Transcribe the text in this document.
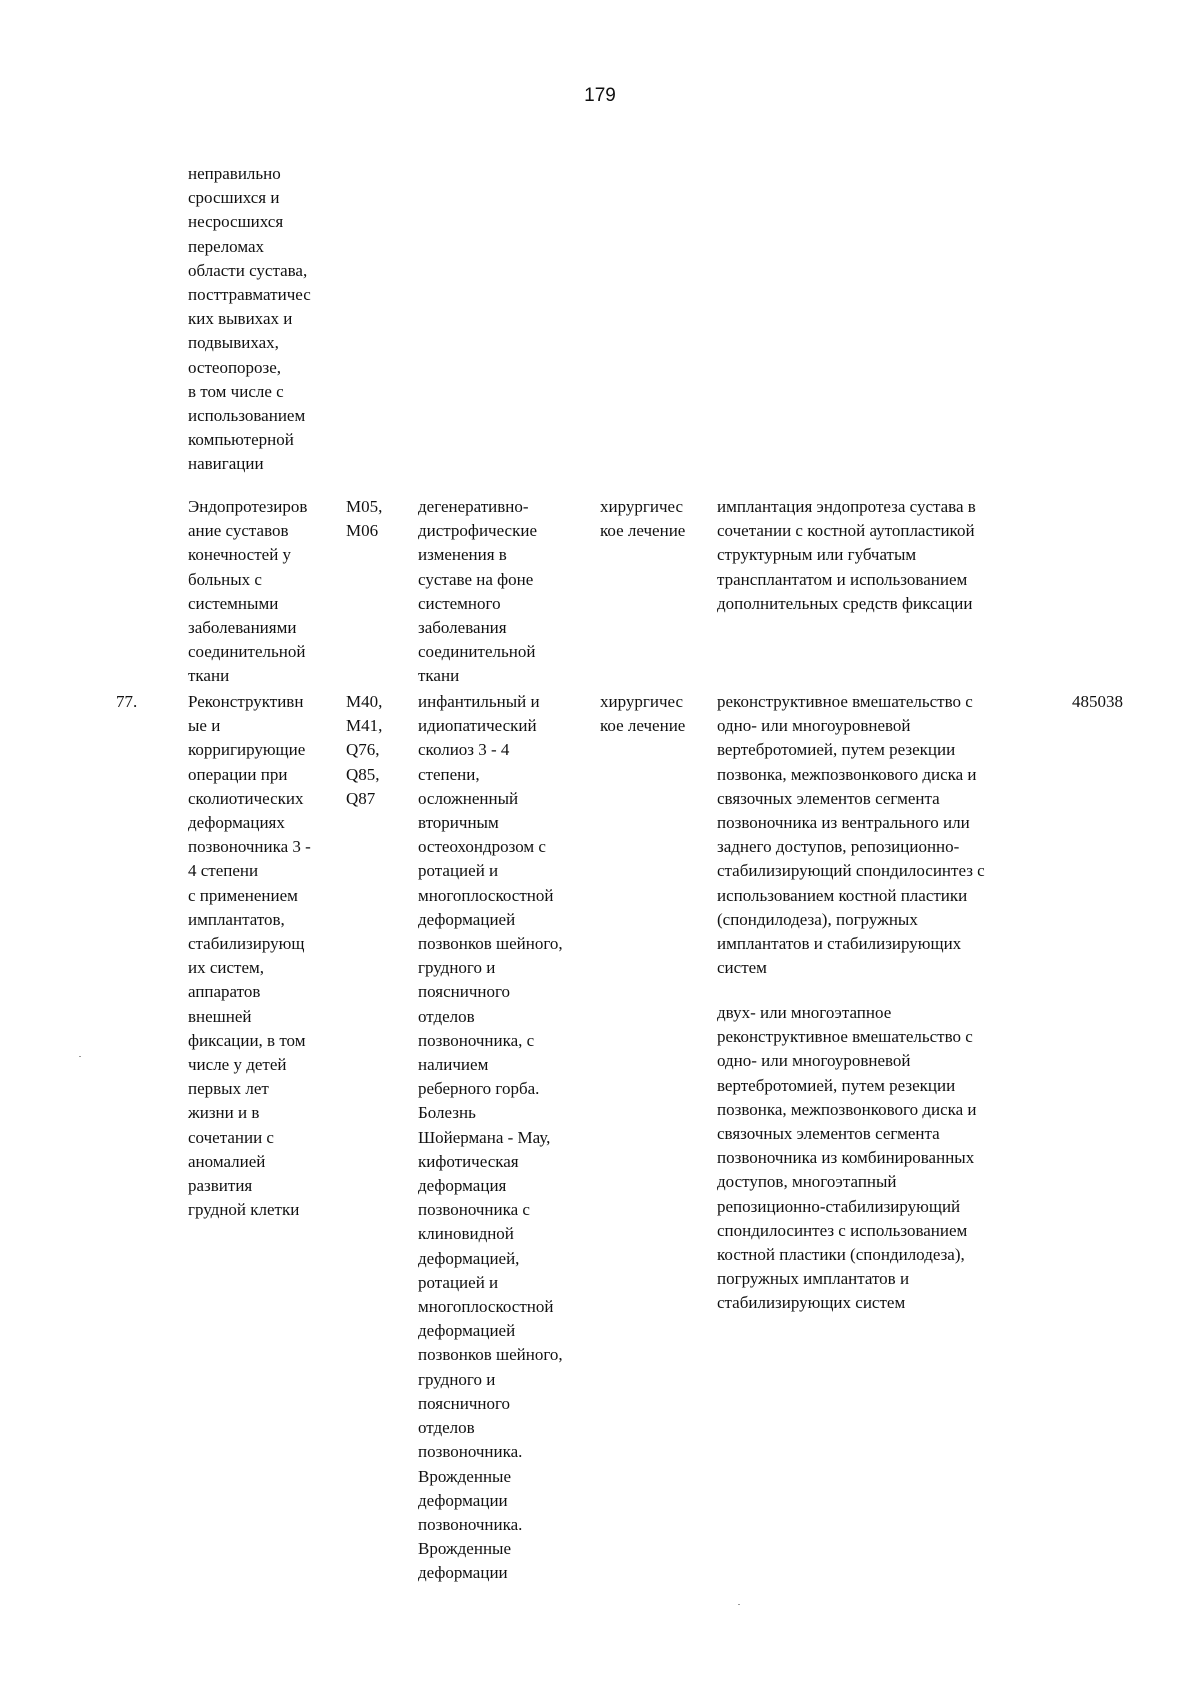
179
неправильно
сросшихся и
несросшихся
переломах
области сустава,
посттравматичес
ких вывихах и
подвывихах,
остеопорозе,
в том числе с
использованием
компьютерной
навигации
Эндопротезиров
ание суставов
конечностей у
больных с
системными
заболеваниями
соединительной
ткани
M05,
M06
дегенеративно-
дистрофические
изменения в
суставе на фоне
системного
заболевания
соединительной
ткани
хирургичес
кое лечение
имплантация эндопротеза сустава в
сочетании с костной аутопластикой
структурным или губчатым
трансплантатом и использованием
дополнительных средств фиксации
77.	Реконструктивн
ые и
корригирующие
операции при
сколиотических
деформациях
позвоночника 3 -
4 степени
с применением
имплантатов,
стабилизирующ
их систем,
аппаратов
внешней
фиксации, в том
числе у детей
первых лет
жизни и в
сочетании с
аномалией
развития
грудной клетки
M40,
M41,
Q76,
Q85,
Q87
инфантильный и
идиопатический
сколиоз 3 - 4
степени,
осложненный
вторичным
остеохондрозом с
ротацией и
многоплоскостной
деформацией
позвонков шейного,
грудного и
поясничного
отделов
позвоночника, с
наличием
реберного горба.
Болезнь
Шойермана - Мау,
кифотическая
деформация
позвоночника с
клиновидной
деформацией,
ротацией и
многоплоскостной
деформацией
позвонков шейного,
грудного и
поясничного
отделов
позвоночника.
Врожденные
деформации
позвоночника.
Врожденные
деформации
хирургичес
кое лечение
реконструктивное вмешательство с
одно- или многоуровневой
вертебротомией, путем резекции
позвонка, межпозвонкового диска и
связочных элементов сегмента
позвоночника из вентрального или
заднего доступов, репозиционно-
стабилизирующий спондилосинтез с
использованием костной пластики
(спондилодеза), погружных
имплантатов и стабилизирующих
систем
двух- или многоэтапное
реконструктивное вмешательство с
одно- или многоуровневой
вертебротомией, путем резекции
позвонка, межпозвонкового диска и
связочных элементов сегмента
позвоночника из комбинированных
доступов, многоэтапный
репозиционно-стабилизирующий
спондилосинтез с использованием
костной пластики (спондилодеза),
погружных имплантатов и
стабилизирующих систем
485038
